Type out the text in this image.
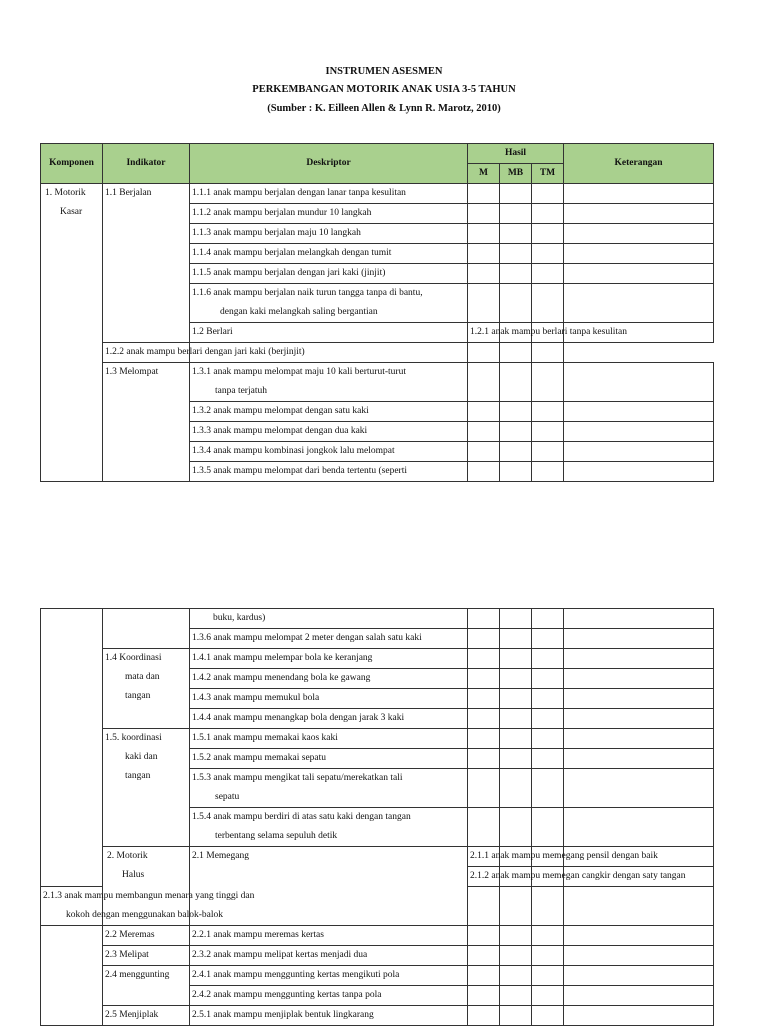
INSTRUMEN ASESMEN
PERKEMBANGAN MOTORIK ANAK USIA 3-5 TAHUN
(Sumber : K. Eilleen Allen & Lynn R. Marotz, 2010)
Komponen	Indikator	Deskriptor	Hasil			Keterangan	
			M	MB	TM		
1. Motorik
Kasar	1.1 Berjalan	1.1.1 anak mampu berjalan dengan lanar tanpa kesulitan					
		1.1.2 anak mampu berjalan mundur 10 langkah					
		1.1.3 anak mampu berjalan maju 10 langkah					
		1.1.4 anak mampu berjalan melangkah dengan tumit					
		1.1.5 anak mampu berjalan dengan jari kaki (jinjit)					
		1.1.6 anak mampu berjalan naik turun tangga tanpa di bantu,
dengan kaki melangkah saling bergantian					
		1.2 Berlari	1.2.1 anak mampu berlari tanpa kesulitan				
	1.2.2 anak mampu berlari dengan jari kaki (berjinjit)						
	1.3 Melompat	1.3.1 anak mampu melompat maju 10 kali berturut-turut
tanpa terjatuh					
		1.3.2 anak mampu melompat dengan satu kaki					
		1.3.3 anak mampu melompat dengan dua kaki					
		1.3.4 anak mampu kombinasi jongkok lalu melompat					
		1.3.5 anak mampu melompat dari benda tertentu (seperti					
		buku, kardus)					
		1.3.6 anak mampu melompat 2 meter dengan salah satu kaki					
	1.4 Koordinasi
mata dan
tangan	1.4.1 anak mampu melempar bola ke keranjang					
		1.4.2 anak mampu menendang bola ke gawang					
		1.4.3 anak mampu memukul bola					
		1.4.4 anak mampu menangkap bola dengan jarak 3 kaki					
	1.5. koordinasi
kaki dan
tangan	1.5.1 anak mampu memakai kaos kaki					
		1.5.2 anak mampu memakai sepatu					
		1.5.3 anak mampu mengikat tali sepatu/merekatkan tali
sepatu					
		1.5.4 anak mampu berdiri di atas satu kaki dengan tangan
terbentang selama sepuluh detik					
	2. Motorik
Halus	2.1 Memegang	2.1.1 anak mampu memegang pensil dengan baik				
			2.1.2 anak mampu memegan cangkir dengan saty tangan				
2.1.3 anak mampu membangun menara yang tinggi dan
kokoh dengan menggunakan balok-balok							
	2.2 Meremas	2.2.1 anak mampu meremas kertas					
	2.3 Melipat	2.3.2 anak mampu melipat kertas menjadi dua					
	2.4 menggunting	2.4.1 anak mampu menggunting kertas mengikuti pola					
		2.4.2 anak mampu menggunting kertas tanpa pola					
	2.5 Menjiplak	2.5.1 anak mampu menjiplak bentuk lingkarang					
